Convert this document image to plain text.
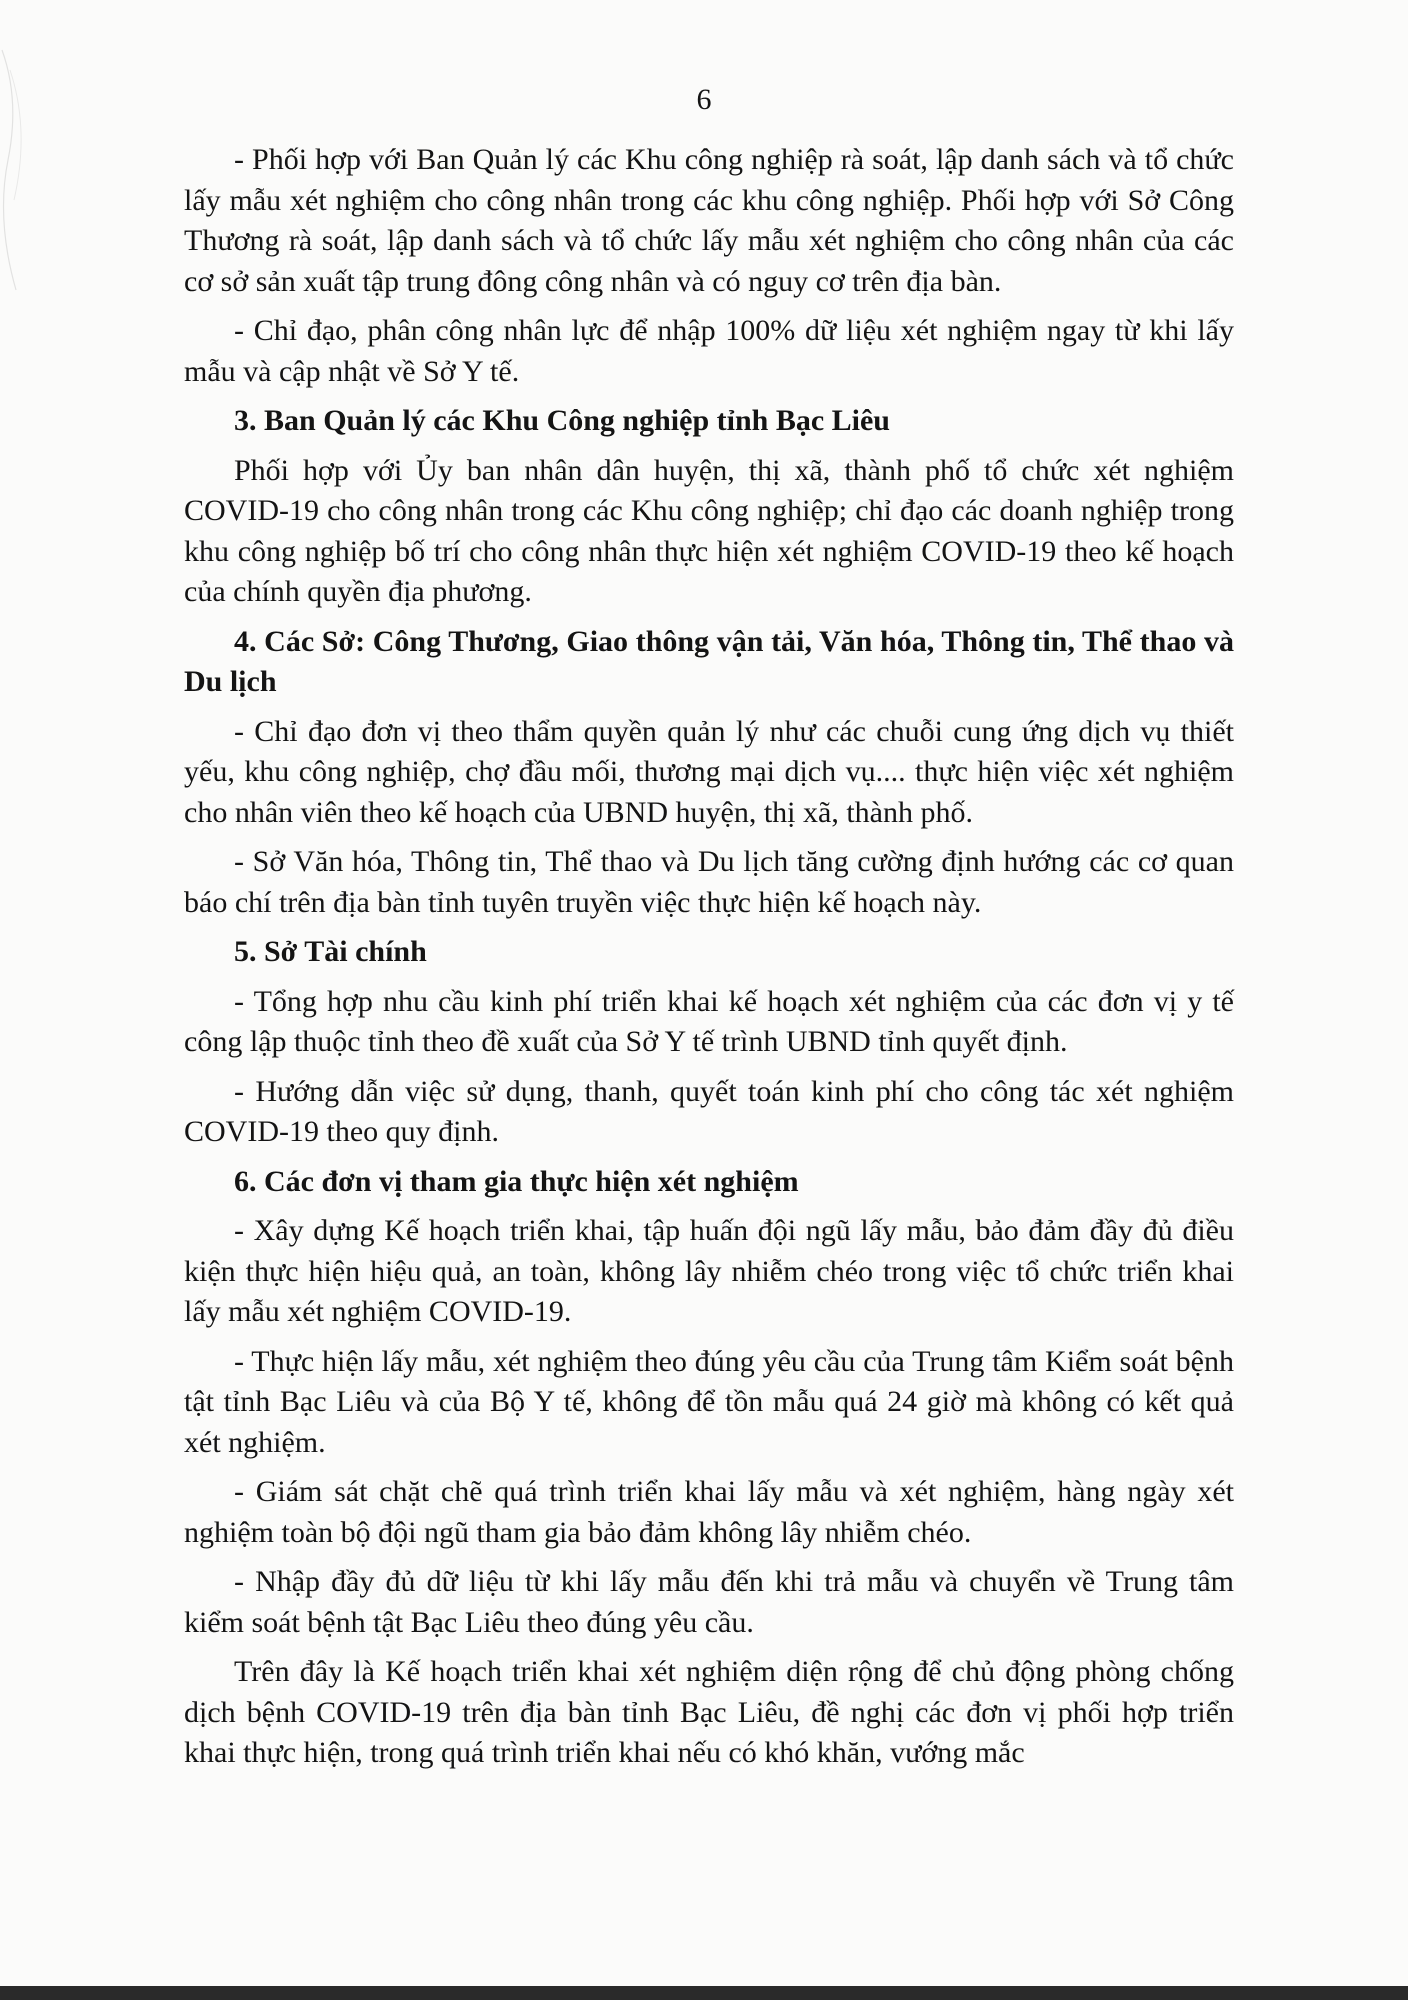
6

- Phối hợp với Ban Quản lý các Khu công nghiệp rà soát, lập danh sách và tổ chức lấy mẫu xét nghiệm cho công nhân trong các khu công nghiệp. Phối hợp với Sở Công Thương rà soát, lập danh sách và tổ chức lấy mẫu xét nghiệm cho công nhân của các cơ sở sản xuất tập trung đông công nhân và có nguy cơ trên địa bàn.

- Chỉ đạo, phân công nhân lực để nhập 100% dữ liệu xét nghiệm ngay từ khi lấy mẫu và cập nhật về Sở Y tế.

3. Ban Quản lý các Khu Công nghiệp tỉnh Bạc Liêu

Phối hợp với Ủy ban nhân dân huyện, thị xã, thành phố tổ chức xét nghiệm COVID-19 cho công nhân trong các Khu công nghiệp; chỉ đạo các doanh nghiệp trong khu công nghiệp bố trí cho công nhân thực hiện xét nghiệm COVID-19 theo kế hoạch của chính quyền địa phương.

4. Các Sở: Công Thương, Giao thông vận tải, Văn hóa, Thông tin, Thể thao và Du lịch

- Chỉ đạo đơn vị theo thẩm quyền quản lý như các chuỗi cung ứng dịch vụ thiết yếu, khu công nghiệp, chợ đầu mối, thương mại dịch vụ.... thực hiện việc xét nghiệm cho nhân viên theo kế hoạch của UBND huyện, thị xã, thành phố.

- Sở Văn hóa, Thông tin, Thể thao và Du lịch tăng cường định hướng các cơ quan báo chí trên địa bàn tỉnh tuyên truyền việc thực hiện kế hoạch này.

5. Sở Tài chính

- Tổng hợp nhu cầu kinh phí triển khai kế hoạch xét nghiệm của các đơn vị y tế công lập thuộc tỉnh theo đề xuất của Sở Y tế trình UBND tỉnh quyết định.

- Hướng dẫn việc sử dụng, thanh, quyết toán kinh phí cho công tác xét nghiệm COVID-19 theo quy định.

6. Các đơn vị tham gia thực hiện xét nghiệm

- Xây dựng Kế hoạch triển khai, tập huấn đội ngũ lấy mẫu, bảo đảm đầy đủ điều kiện thực hiện hiệu quả, an toàn, không lây nhiễm chéo trong việc tổ chức triển khai lấy mẫu xét nghiệm COVID-19.

- Thực hiện lấy mẫu, xét nghiệm theo đúng yêu cầu của Trung tâm Kiểm soát bệnh tật tỉnh Bạc Liêu và của Bộ Y tế, không để tồn mẫu quá 24 giờ mà không có kết quả xét nghiệm.

- Giám sát chặt chẽ quá trình triển khai lấy mẫu và xét nghiệm, hàng ngày xét nghiệm toàn bộ đội ngũ tham gia bảo đảm không lây nhiễm chéo.

- Nhập đầy đủ dữ liệu từ khi lấy mẫu đến khi trả mẫu và chuyển về Trung tâm kiểm soát bệnh tật Bạc Liêu theo đúng yêu cầu.

Trên đây là Kế hoạch triển khai xét nghiệm diện rộng để chủ động phòng chống dịch bệnh COVID-19 trên địa bàn tỉnh Bạc Liêu, đề nghị các đơn vị phối hợp triển khai thực hiện, trong quá trình triển khai nếu có khó khăn, vướng mắc
